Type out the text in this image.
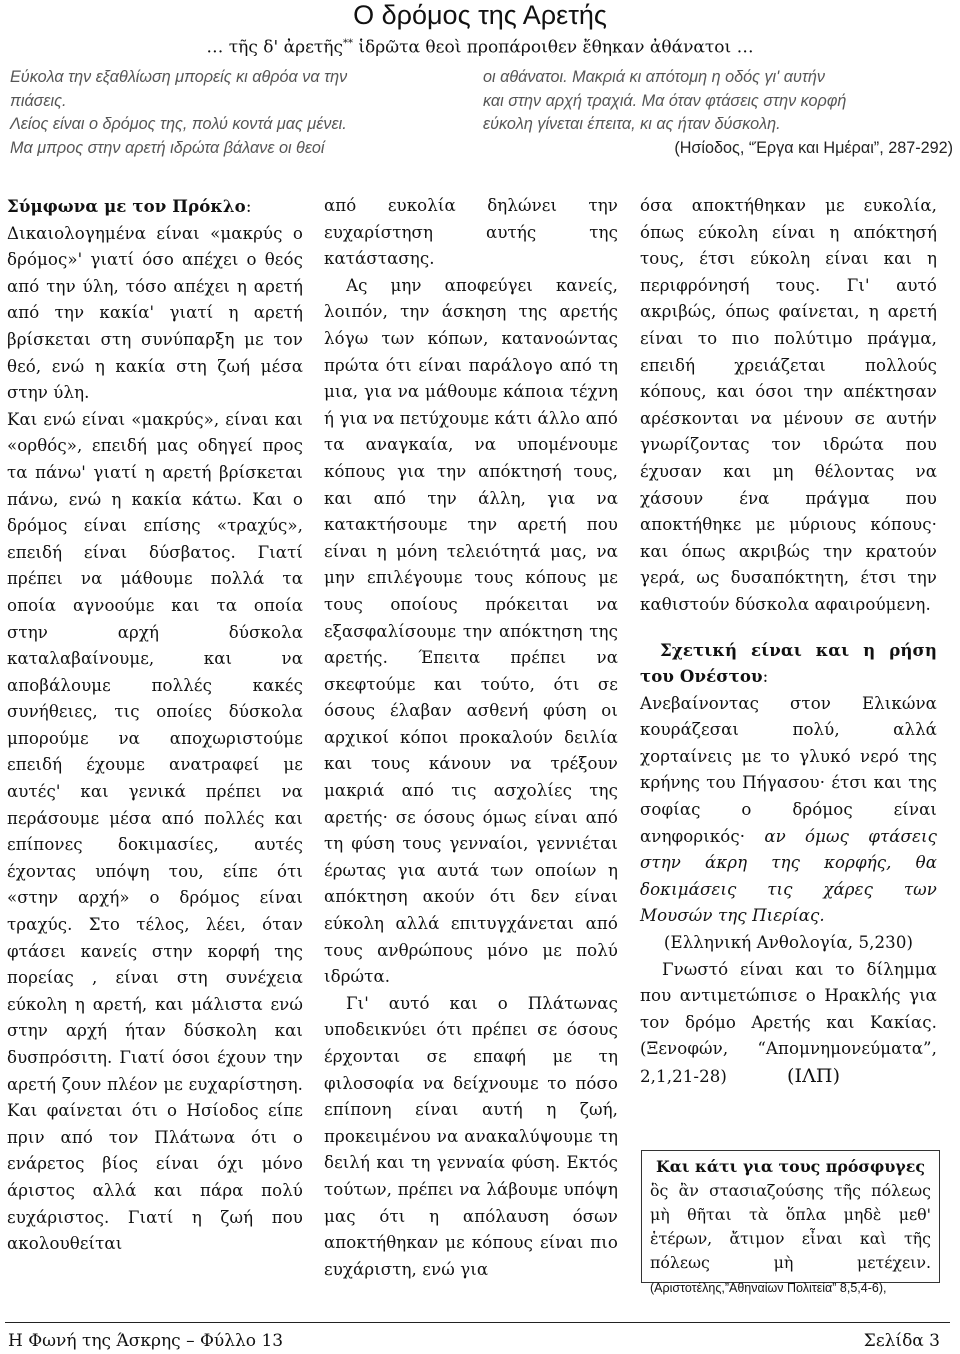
Ο δρόμος της Αρετής
… τῆς δ' ἀρετῆς** ἱδρῶτα θεοὶ προπάροιθεν ἔθηκαν ἀθάνατοι …
Εύκολα την εξαθλίωση μπορείς κι αθρόα να την
πιάσεις.
Λείος είναι ο δρόμος της, πολύ κοντά μας μένει.
Μα μπρος στην αρετή ιδρώτα βάλανε οι θεοί
οι αθάνατοι. Μακριά κι απότομη η οδός γι' αυτήν
και στην αρχή τραχιά. Μα όταν φτάσεις στην κορφή
εύκολη γίνεται έπειτα, κι ας ήταν δύσκολη.
(Ησίοδος, “Έργα και Ημέραι”, 287-292)

Σύμφωνα με τον Πρόκλο:

Δικαιολογημένα είναι «μακρύς ο δρόμος»' γιατί όσο απέχει ο θεός από την ύλη, τόσο απέχει η αρετή από την κακία' γιατί η αρετή βρίσκεται στη συνύπαρξη με τον θεό, ενώ η κακία στη ζωή μέσα στην ύλη.

Και ενώ είναι «μακρύς», είναι και «ορθός», επειδή μας οδηγεί προς τα πάνω' γιατί η αρετή βρίσκεται πάνω, ενώ η κακία κάτω. Και ο δρόμος είναι επίσης «τραχύς», επειδή είναι δύσβατος. Γιατί πρέπει να μάθουμε πολλά τα οποία αγνοούμε και τα οποία στην αρχή δύσκολα καταλαβαίνουμε, και να αποβάλουμε πολλές κακές συνήθειες, τις οποίες δύσκολα μπορούμε να αποχωριστούμε επειδή έχουμε ανατραφεί με αυτές' και γενικά πρέπει να περάσουμε μέσα από πολλές και επίπονες δοκιμασίες, αυτές έχοντας υπόψη του, είπε ότι «στην αρχή» ο δρόμος είναι τραχύς. Στο τέλος, λέει, όταν φτάσει κανείς στην κορφή της πορείας , είναι στη συνέχεια εύκολη η αρετή, και μάλιστα ενώ στην αρχή ήταν δύσκολη και δυσπρόσιτη. Γιατί όσοι έχουν την αρετή ζουν πλέον με ευχαρίστηση. Και φαίνεται ότι ο Ησίοδος είπε πριν από τον Πλάτωνα ότι ο ενάρετος βίος είναι όχι μόνο άριστος αλλά και πάρα πολύ ευχάριστος. Γιατί η ζωή που ακολουθείται

από ευκολία δηλώνει την ευχαρίστηση αυτής της κατάστασης.

Ας μην αποφεύγει κανείς, λοιπόν, την άσκηση της αρετής λόγω των κόπων, κατανοώντας πρώτα ότι είναι παράλογο από τη μια, για να μάθουμε κάποια τέχνη ή για να πετύχουμε κάτι άλλο από τα αναγκαία, να υπομένουμε κόπους για την απόκτησή τους, και από την άλλη, για να κατακτήσουμε την αρετή που είναι η μόνη τελειότητά μας, να μην επιλέγουμε τους κόπους με τους οποίους πρόκειται να εξασφαλίσουμε την απόκτηση της αρετής. Έπειτα πρέπει να σκεφτούμε και τούτο, ότι σε όσους έλαβαν ασθενή φύση οι αρχικοί κόποι προκαλούν δειλία και τους κάνουν να τρέξουν μακριά από τις ασχολίες της αρετής· σε όσους όμως είναι από τη φύση τους γενναίοι, γεννιέται έρωτας για αυτά των οποίων η απόκτηση ακούν ότι δεν είναι εύκολη αλλά επιτυγχάνεται από τους ανθρώπους μόνο με πολύ ιδρώτα.

Γι' αυτό και ο Πλάτωνας υποδεικνύει ότι πρέπει σε όσους έρχονται σε επαφή με τη φιλοσοφία να δείχνουμε το πόσο επίπονη είναι αυτή η ζωή, προκειμένου να ανακαλύψουμε τη δειλή και τη γενναία φύση. Εκτός τούτων, πρέπει να λάβουμε υπόψη μας ότι η απόλαυση όσων αποκτήθηκαν με κόπους είναι πιο ευχάριστη, ενώ για

όσα αποκτήθηκαν με ευκολία, όπως εύκολη είναι η απόκτησή τους, έτσι εύκολη είναι και η περιφρόνησή τους. Γι' αυτό ακριβώς, όπως φαίνεται, η αρετή είναι το πιο πολύτιμο πράγμα, επειδή χρειάζεται πολλούς κόπους, και όσοι την απέκτησαν αρέσκονται να μένουν σε αυτήν γνωρίζοντας τον ιδρώτα που έχυσαν και μη θέλοντας να χάσουν ένα πράγμα που αποκτήθηκε με μύριους κόπους· και όπως ακριβώς την κρατούν γερά, ως δυσαπόκτητη, έτσι την καθιστούν δύσκολα αφαιρούμενη.

Σχετική είναι και η ρήση του Ονέστου:

Ανεβαίνοντας στον Ελικώνα κουράζεσαι πολύ, αλλά χορταίνεις με το γλυκό νερό της κρήνης του Πήγασου· έτσι και της σοφίας ο δρόμος είναι ανηφορικός· αν όμως φτάσεις στην άκρη της κορφής, θα δοκιμάσεις τις χάρες των Μουσών της Πιερίας.

(Ελληνική Ανθολογία, 5,230)

Γνωστό είναι και το δίλημμα που αντιμετώπισε ο Ηρακλής για τον δρόμο Αρετής και Κακίας.(Ξενοφών, “Απομνημονεύματα”, 2,1,21-28)	(ΙΛΠ)

Και κάτι για τους πρόσφυγες
ὃς ἂν στασιαζούσης τῆς πόλεως μὴ θῆται τὰ ὅπλα μηδὲ μεθ' ἑτέρων, ἄτιμον εἶναι καὶ τῆς πόλεως μὴ μετέχειν. (Αριστοτέλης,”Αθηναίων Πολιτεία” 8,5,4-6),
Η Φωνή της Άσκρης – Φύλλο 13	Σελίδα 3
